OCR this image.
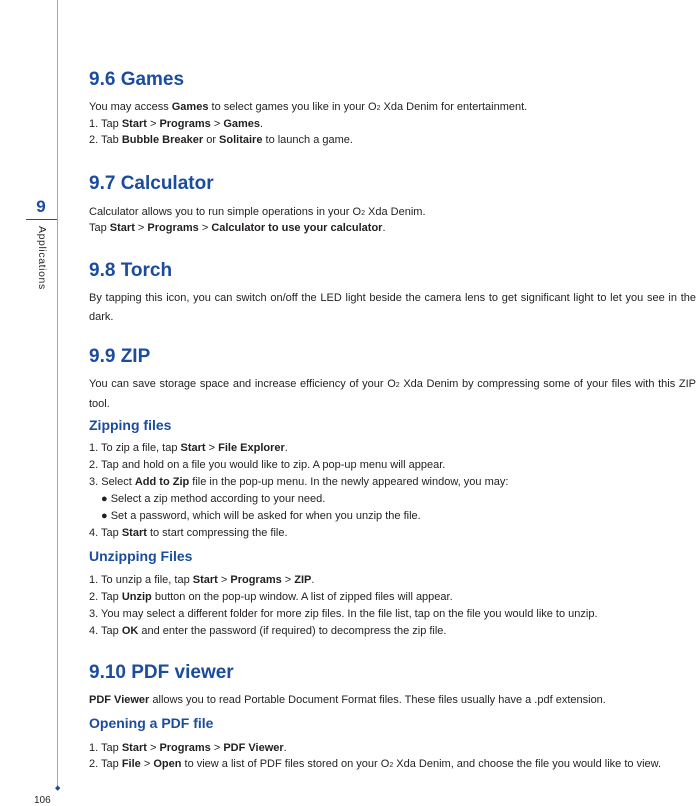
9
Applications
◆
106
9.6 Games
You may access Games to select games you like in your O2 Xda Denim for entertainment.
1. Tap Start > Programs > Games.
2. Tab Bubble Breaker or Solitaire to launch a game.
9.7 Calculator
Calculator allows you to run simple operations in your O2 Xda Denim.
Tap Start > Programs > Calculator to use your calculator.
9.8 Torch
By tapping this icon, you can switch on/off the LED light beside the camera lens to get significant light to let you see in the dark.
9.9 ZIP
You can save storage space and increase efficiency of your O2 Xda Denim by compressing some of your files with this ZIP tool.
Zipping files
1. To zip a file, tap Start > File Explorer.
2. Tap and hold on a file you would like to zip. A pop-up menu will appear.
3. Select Add to Zip file in the pop-up menu. In the newly appeared window, you may:
● Select a zip method according to your need.
● Set a password, which will be asked for when you unzip the file.
4. Tap Start to start compressing the file.
Unzipping Files
1. To unzip a file, tap Start > Programs > ZIP.
2. Tap Unzip button on the pop-up window. A list of zipped files will appear.
3. You may select a different folder for more zip files. In the file list, tap on the file you would like to unzip.
4. Tap OK and enter the password (if required) to decompress the zip file.
9.10 PDF viewer
PDF Viewer allows you to read Portable Document Format files. These files usually have a .pdf extension.
Opening a PDF file
1. Tap Start > Programs > PDF Viewer.
2. Tap File > Open to view a list of PDF files stored on your O2 Xda Denim, and choose the file you would like to view.
